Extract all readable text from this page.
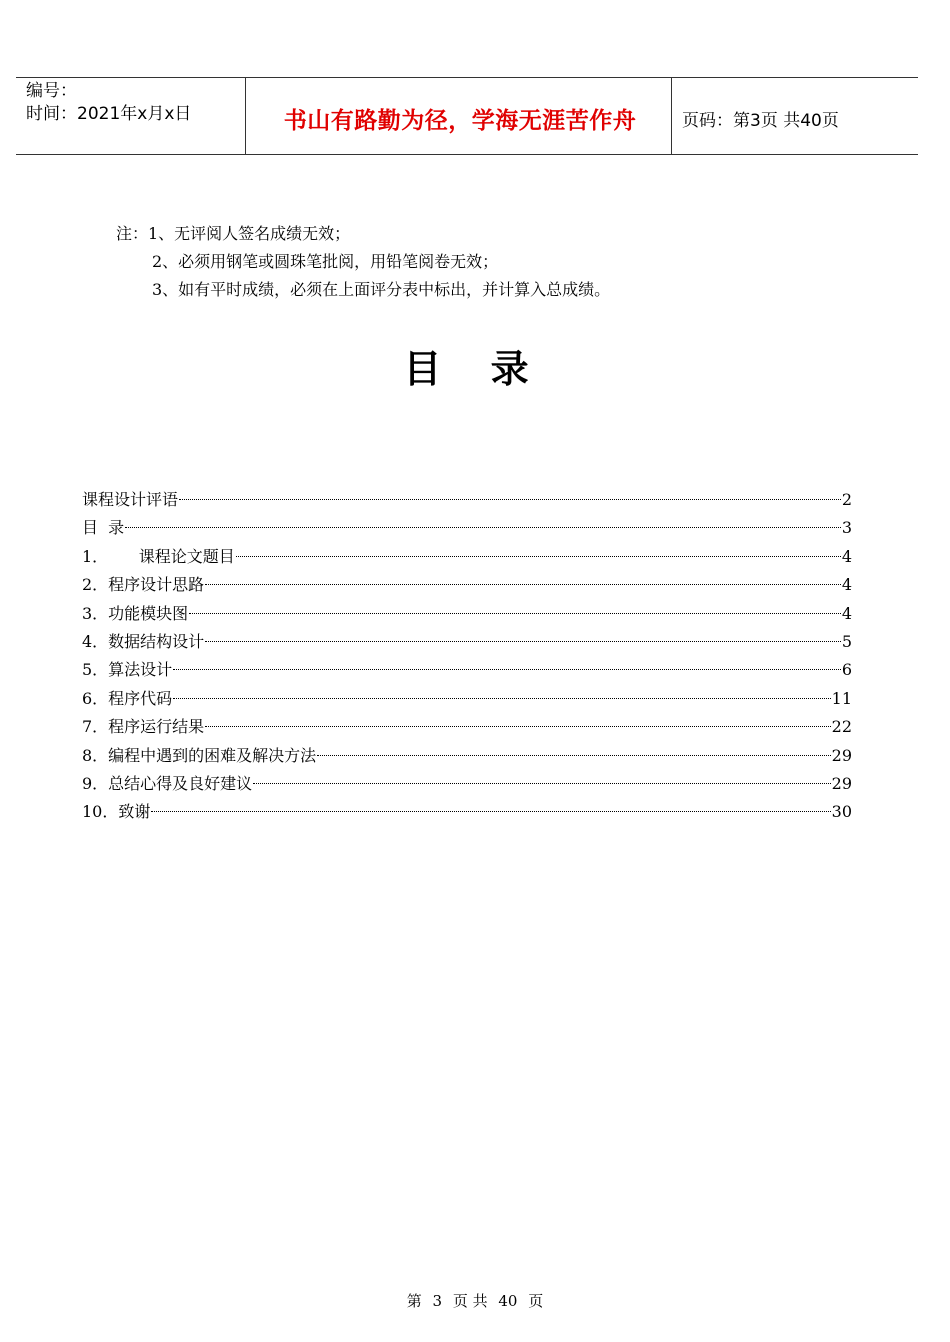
编号：
时间：2021年x月x日	书山有路勤为径，学海无涯苦作舟	页码：第3页 共40页
注：1、无评阅人签名成绩无效；
2、必须用钢笔或圆珠笔批阅，用铅笔阅卷无效；
3、如有平时成绩，必须在上面评分表中标出，并计算入总成绩。
目 录
课程设计评语	2
目  录	3
1．      课程论文题目	4
2．程序设计思路	4
3．功能模块图	4
4．数据结构设计	5
5．算法设计	6
6．程序代码	11
7．程序运行结果	22
8．编程中遇到的困难及解决方法	29
9．总结心得及良好建议	29
10．致谢	30
第 3 页 共 40 页
